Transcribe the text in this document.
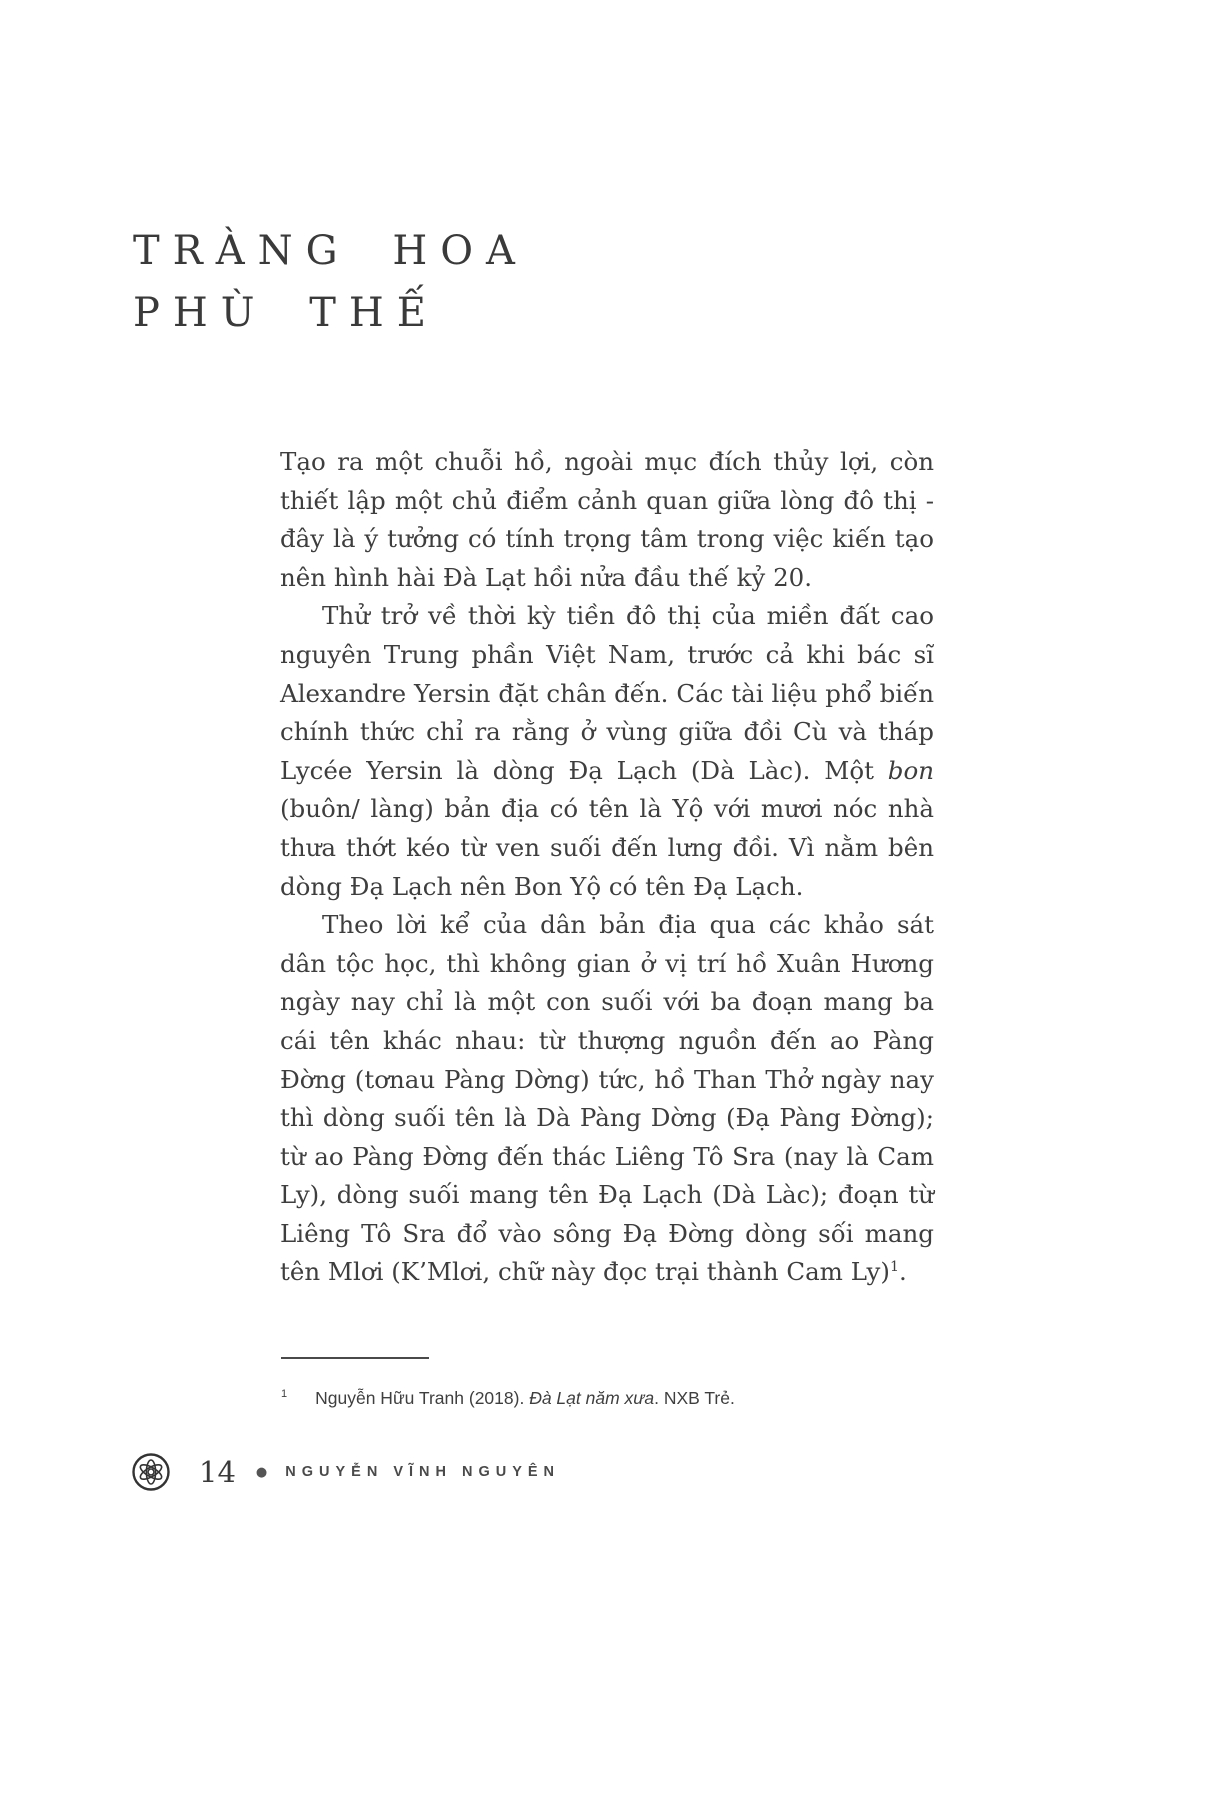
TRÀNG HOA
PHÙ THẾ

Tạo ra một chuỗi hồ, ngoài mục đích thủy lợi, còn thiết lập một chủ điểm cảnh quan giữa lòng đô thị - đây là ý tưởng có tính trọng tâm trong việc kiến tạo nên hình hài Đà Lạt hồi nửa đầu thế kỷ 20.

Thử trở về thời kỳ tiền đô thị của miền đất cao nguyên Trung phần Việt Nam, trước cả khi bác sĩ Alexandre Yersin đặt chân đến. Các tài liệu phổ biến chính thức chỉ ra rằng ở vùng giữa đồi Cù và tháp Lycée Yersin là dòng Đạ Lạch (Dà Làc). Một bon (buôn/ làng) bản địa có tên là Yộ với mươi nóc nhà thưa thớt kéo từ ven suối đến lưng đồi. Vì nằm bên dòng Đạ Lạch nên Bon Yộ có tên Đạ Lạch.

Theo lời kể của dân bản địa qua các khảo sát dân tộc học, thì không gian ở vị trí hồ Xuân Hương ngày nay chỉ là một con suối với ba đoạn mang ba cái tên khác nhau: từ thượng nguồn đến ao Pàng Đờng (tơnau Pàng Dờng) tức, hồ Than Thở ngày nay thì dòng suối tên là Dà Pàng Dờng (Đạ Pàng Đờng); từ ao Pàng Đờng đến thác Liêng Tô Sra (nay là Cam Ly), dòng suối mang tên Đạ Lạch (Dà Làc); đoạn từ Liêng Tô Sra đổ vào sông Đạ Đờng dòng sối mang tên Mlơi (K’Mlơi, chữ này đọc trại thành Cam Ly)$^1$.

$^1$ Nguyễn Hữu Tranh (2018). Đà Lạt năm xưa. NXB Trẻ.
14 ● NGUYỄN VĨNH NGUYÊN
